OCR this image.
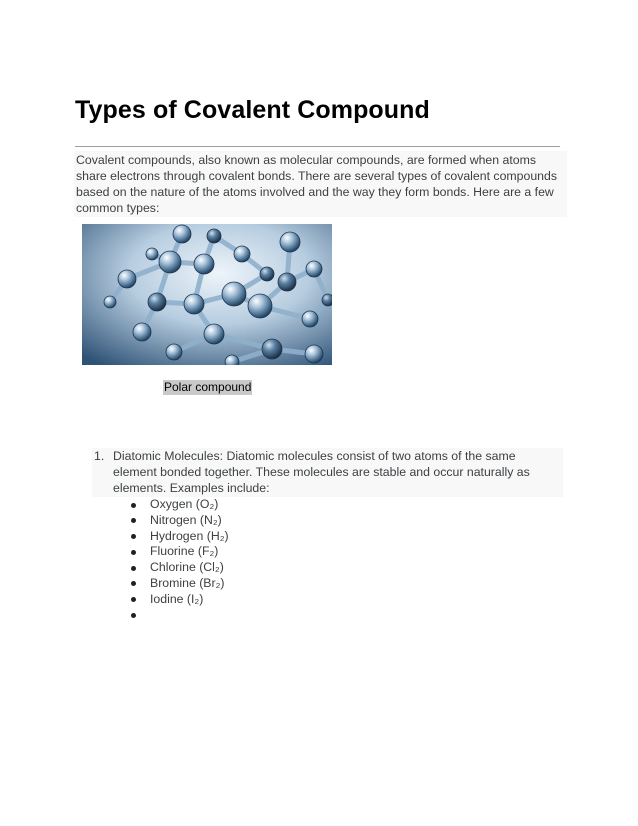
Types of Covalent Compound

Covalent compounds, also known as molecular compounds, are formed when atoms share electrons through covalent bonds. There are several types of covalent compounds based on the nature of the atoms involved and the way they form bonds. Here are a few common types:

Polar compound
1. Diatomic Molecules: Diatomic molecules consist of two atoms of the same element bonded together. These molecules are stable and occur naturally as elements. Examples include:
Oxygen (O₂)
Nitrogen (N₂)
Hydrogen (H₂)
Fluorine (F₂)
Chlorine (Cl₂)
Bromine (Br₂)
Iodine (I₂)
